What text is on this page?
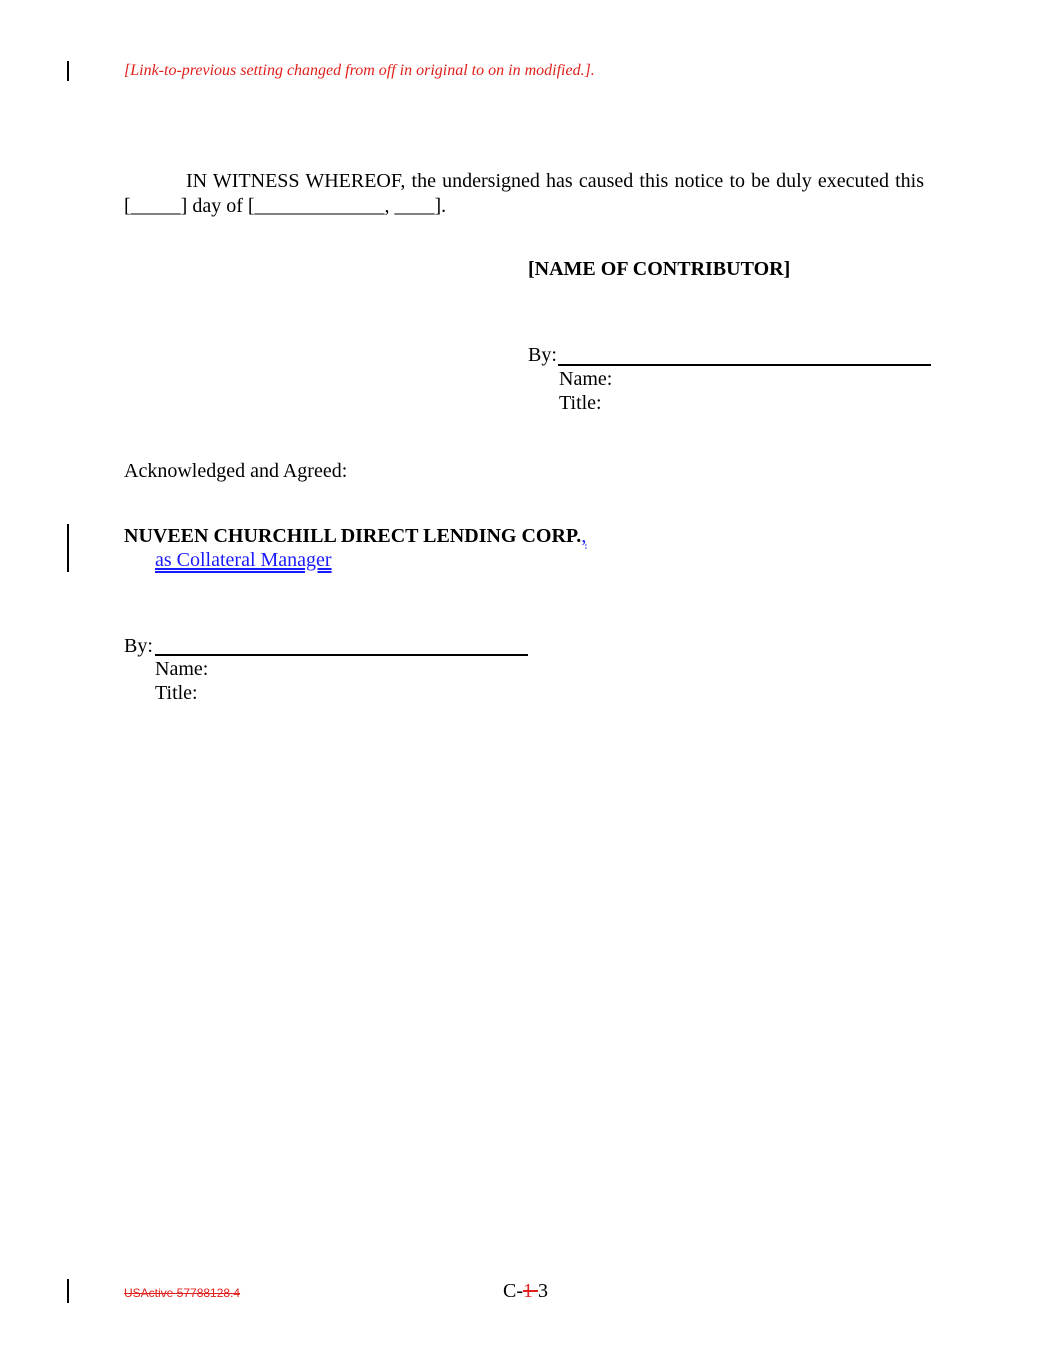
[Link-to-previous setting changed from off in original to on in modified.].
IN WITNESS WHEREOF, the undersigned has caused this notice to be duly executed this [_____] day of [_____________, ____].
[NAME OF CONTRIBUTOR]
By:
Name:
Title:
Acknowledged and Agreed:
NUVEEN CHURCHILL DIRECT LENDING CORP.,
as Collateral Manager
By:
Name:
Title:
USActive 57788128.4	C-1 3
